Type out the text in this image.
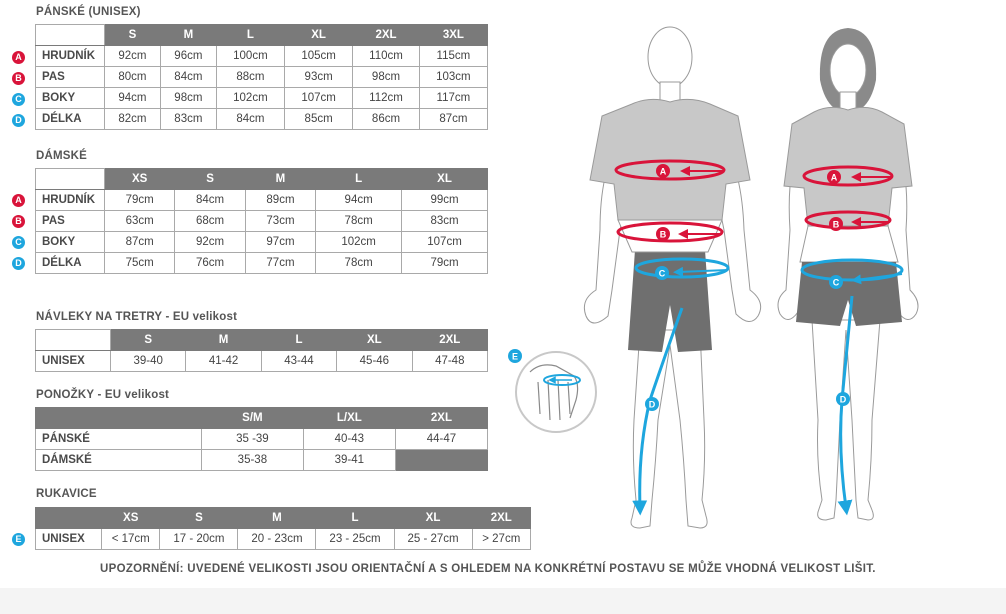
PÁNSKÉ (UNISEX)
A
B
C
D
	S	M	L	XL	2XL	3XL
HRUDNÍK	92cm	96cm	100cm	105cm	110cm	115cm
PAS	80cm	84cm	88cm	93cm	98cm	103cm
BOKY	94cm	98cm	102cm	107cm	112cm	117cm
DÉLKA	82cm	83cm	84cm	85cm	86cm	87cm
DÁMSKÉ
A
B
C
D
	XS	S	M	L	XL
HRUDNÍK	79cm	84cm	89cm	94cm	99cm
PAS	63cm	68cm	73cm	78cm	83cm
BOKY	87cm	92cm	97cm	102cm	107cm
DÉLKA	75cm	76cm	77cm	78cm	79cm
NÁVLEKY NA TRETRY - EU velikost
	S	M	L	XL	2XL
UNISEX	39-40	41-42	43-44	45-46	47-48
PONOŽKY - EU velikost
	S/M	L/XL	2XL
PÁNSKÉ	35 -39	40-43	44-47
DÁMSKÉ	35-38	39-41	
RUKAVICE
E
	XS	S	M	L	XL	2XL
UNISEX	< 17cm	17 - 20cm	20 - 23cm	23 - 25cm	25 - 27cm	> 27cm
A
B
C
D
A
B
C
D
E
UPOZORNĚNÍ: UVEDENÉ VELIKOSTI JSOU ORIENTAČNÍ A S OHLEDEM NA KONKRÉTNÍ POSTAVU SE MŮŽE VHODNÁ VELIKOST LIŠIT.
